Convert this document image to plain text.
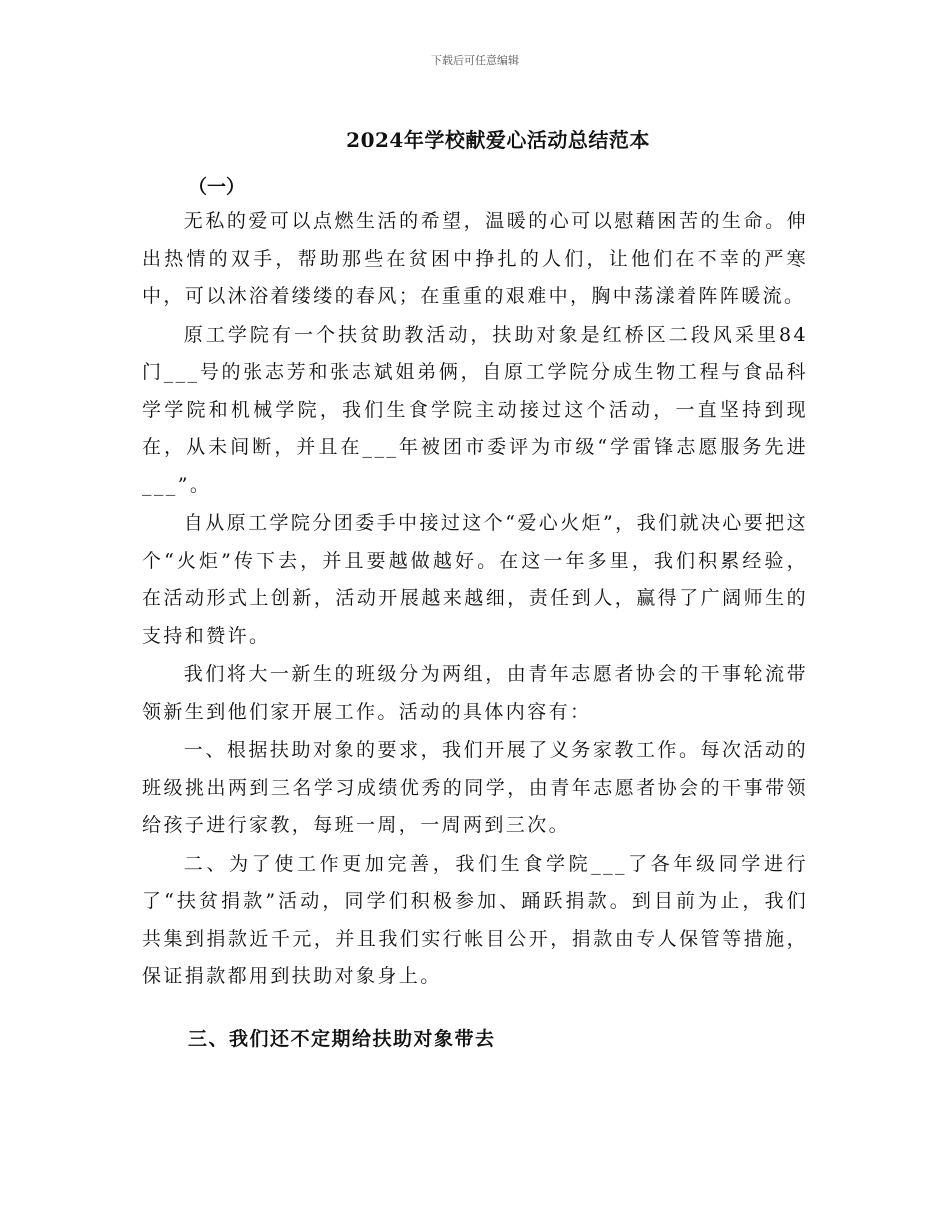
下载后可任意编辑
2024年学校献爱心活动总结范本
（一）

无私的爱可以点燃生活的希望，温暖的心可以慰藉困苦的生命。伸出热情的双手，帮助那些在贫困中挣扎的人们，让他们在不幸的严寒中，可以沐浴着缕缕的春风；在重重的艰难中，胸中荡漾着阵阵暖流。

原工学院有一个扶贫助教活动，扶助对象是红桥区二段风采里84门___号的张志芳和张志斌姐弟俩，自原工学院分成生物工程与食品科学学院和机械学院，我们生食学院主动接过这个活动，一直坚持到现在，从未间断，并且在___年被团市委评为市级“学雷锋志愿服务先进___”。

自从原工学院分团委手中接过这个“爱心火炬”，我们就决心要把这个“火炬”传下去，并且要越做越好。在这一年多里，我们积累经验，在活动形式上创新，活动开展越来越细，责任到人，赢得了广阔师生的支持和赞许。

我们将大一新生的班级分为两组，由青年志愿者协会的干事轮流带领新生到他们家开展工作。活动的具体内容有：

一、根据扶助对象的要求，我们开展了义务家教工作。每次活动的班级挑出两到三名学习成绩优秀的同学，由青年志愿者协会的干事带领给孩子进行家教，每班一周，一周两到三次。

二、为了使工作更加完善，我们生食学院___了各年级同学进行了“扶贫捐款”活动，同学们积极参加、踊跃捐款。到目前为止，我们共集到捐款近千元，并且我们实行帐目公开，捐款由专人保管等措施，保证捐款都用到扶助对象身上。

三、我们还不定期给扶助对象带去
